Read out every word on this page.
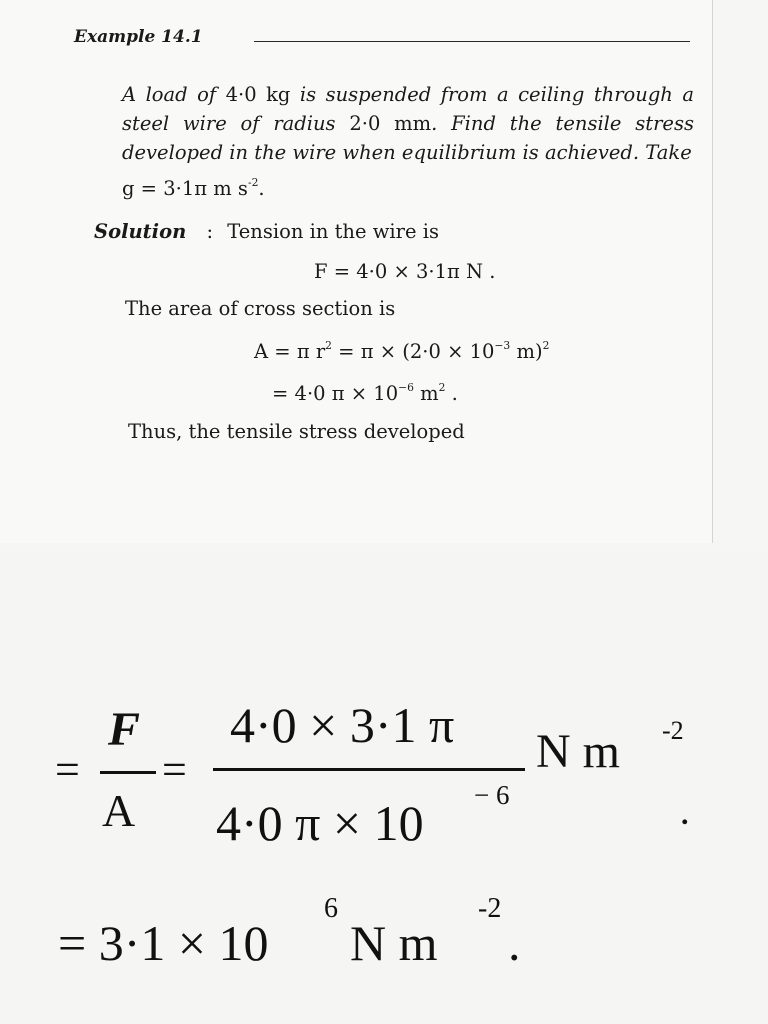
Example 14.1
A load of 4·0 kg is suspended from a ceiling through a steel wire of radius 2·0 mm. Find the tensile stress developed in the wire when equilibrium is achieved. Take
g = 3·1π m $s^{-2}$.
Solution : Tension in the wire is
F = 4·0 × 3·1π N .
The area of cross section is
A = π $r^2 = \pi \times (2\cdot 0 \times 10^{-3}$ m)$^2$
= 4·0 $\pi \times 10^{-6}$ $m^2$ .
Thus, the tensile stress developed
=
F
A
=
4·0 × 3·1 π
4·0 π × 10 − 6
N m -2
.
= 3·1 × 10
6
N m
-2
.
